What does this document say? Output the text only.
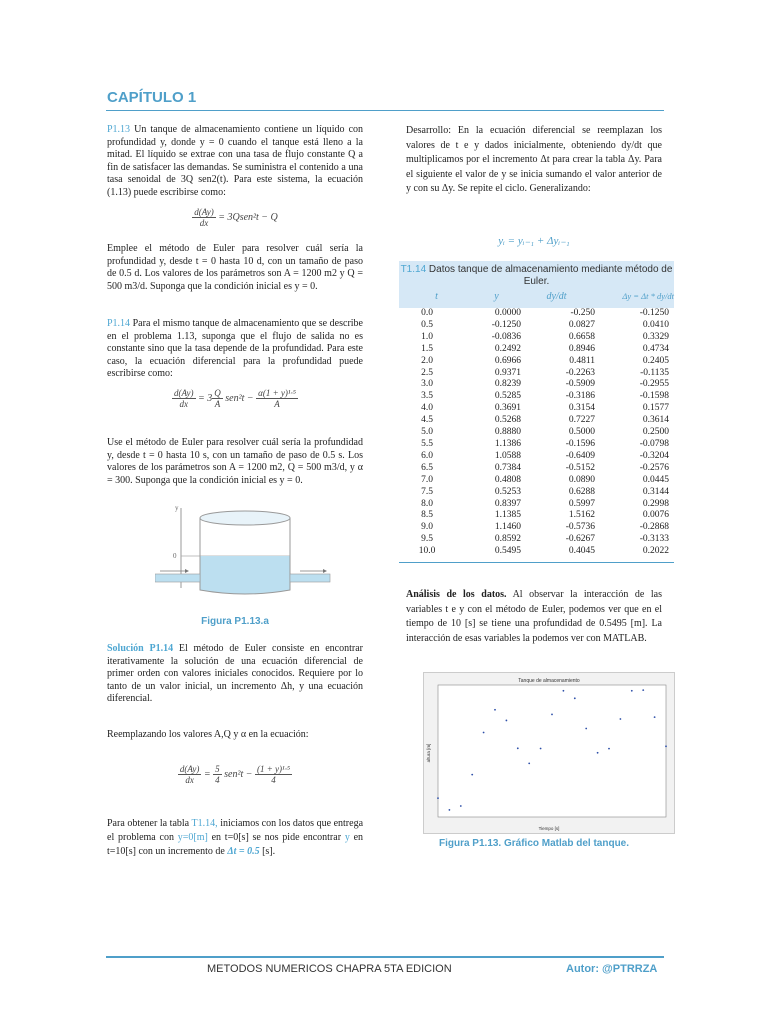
CAPÍTULO 1
P1.13 Un tanque de almacenamiento contiene un líquido con profundidad y, donde y = 0 cuando el tanque está lleno a la mitad. El líquido se extrae con una tasa de flujo constante Q a fin de satisfacer las demandas. Se suministra el contenido a una tasa senoidal de 3Q sen2(t). Para este sistema, la ecuación (1.13) puede escribirse como:
$\frac{d(Ay)}{dx}$ = 3Qsen²t − Q
Emplee el método de Euler para resolver cuál sería la profundidad y, desde t = 0 hasta 10 d, con un tamaño de paso de 0.5 d. Los valores de los parámetros son A = 1200 m2 y Q = 500 m3/d. Suponga que la condición inicial es y = 0.
P1.14 Para el mismo tanque de almacenamiento que se describe en el problema 1.13, suponga que el flujo de salida no es constante sino que la tasa depende de la profundidad. Para este caso, la ecuación diferencial para la profundidad puede escribirse como:
$\frac{d(Ay)}{dx} = 3 \frac{Q}{A} sen^2t - \frac{\text{α(1 + y)¹·⁵}}{A}$
Use el método de Euler para resolver cuál sería la profundidad y, desde t = 0 hasta 10 s, con un tamaño de paso de 0.5 s. Los valores de los parámetros son A = 1200 m2, Q = 500 m3/d, y α = 300. Suponga que la condición inicial es y = 0.
y
0
Figura P1.13.a
Solución P1.14 El método de Euler consiste en encontrar iterativamente la solución de una ecuación diferencial de primer orden con valores iniciales conocidos. Requiere por lo tanto de un valor inicial, un incremento Δh, y una ecuación diferencial.
Reemplazando los valores A,Q y α en la ecuación:
$\frac{d(Ay)}{dx} = \frac{5}{4} sen^2t - \frac{\text{(1 + y)¹·⁵}}{4}$
Para obtener la tabla T1.14, iniciamos con los datos que entrega el problema con y=0[m] en t=0[s] se nos pide encontrar y en t=10[s] con un incremento de Δt = 0.5 [s].
Desarrollo: En la ecuación diferencial se reemplazan los valores de t e y dados inicialmente, obteniendo dy/dt que multiplicamos por el incremento Δt para crear la tabla Δy. Para el siguiente el valor de y se inicia sumando el valor anterior de y con su Δy. Se repite el ciclo. Generalizando:
yᵢ = yᵢ₋₁ + Δyᵢ₋₁
T1.14 Datos tanque de almacenamiento mediante método de Euler.
t	y	dy/dt	Δy = Δt * dy/dt
0.0	0.0000	-0.250	-0.1250
0.5	-0.1250	0.0827	0.0410
1.0	-0.0836	0.6658	0.3329
1.5	0.2492	0.8946	0.4734
2.0	0.6966	0.4811	0.2405
2.5	0.9371	-0.2263	-0.1135
3.0	0.8239	-0.5909	-0.2955
3.5	0.5285	-0.3186	-0.1598
4.0	0.3691	0.3154	0.1577
4.5	0.5268	0.7227	0.3614
5.0	0.8880	0.5000	0.2500
5.5	1.1386	-0.1596	-0.0798
6.0	1.0588	-0.6409	-0.3204
6.5	0.7384	-0.5152	-0.2576
7.0	0.4808	0.0890	0.0445
7.5	0.5253	0.6288	0.3144
8.0	0.8397	0.5997	0.2998
8.5	1.1385	1.5162	0.0076
9.0	1.1460	-0.5736	-0.2868
9.5	0.8592	-0.6267	-0.3133
10.0	0.5495	0.4045	0.2022
Análisis de los datos. Al observar la interacción de las variables t e y con el método de Euler, podemos ver que en el tiempo de 10 [s] se tiene una profundidad de 0.5495 [m]. La interacción de esas variables la podemos ver con MATLAB.
Tanque de almacenamiento
Tiempo [s]
altura [m]
Figura P1.13. Gráfico Matlab del tanque.
METODOS NUMERICOS CHAPRA 5TA EDICION	Autor: @PTRRZA
